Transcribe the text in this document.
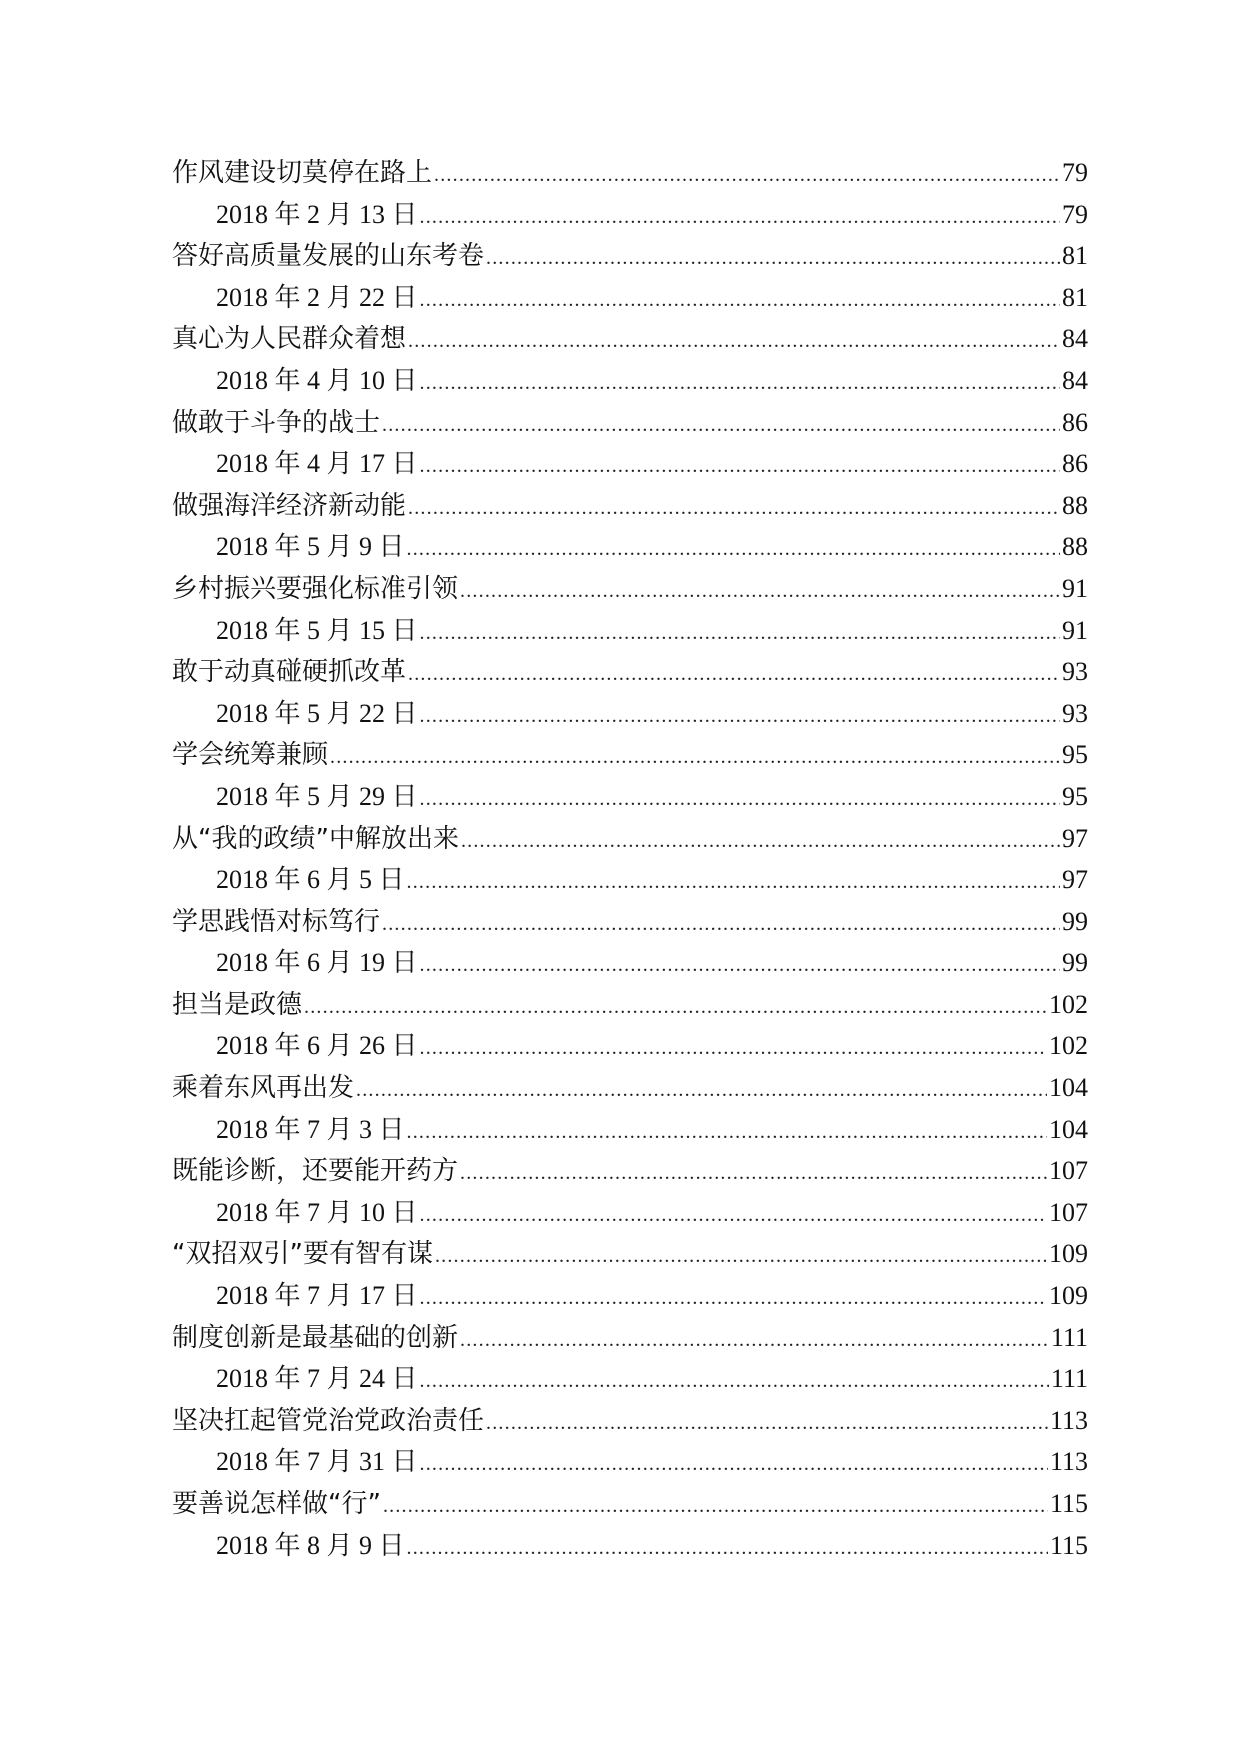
作风建设切莫停在路上 .....	79
2018 年 2 月 13 日 .....	79
答好高质量发展的山东考卷 .....	81
2018 年 2 月 22 日 .....	81
真心为人民群众着想 .....	84
2018 年 4 月 10 日 .....	84
做敢于斗争的战士 .....	86
2018 年 4 月 17 日 .....	86
做强海洋经济新动能 .....	88
2018 年 5 月 9 日 .....	88
乡村振兴要强化标准引领 .....	91
2018 年 5 月 15 日 .....	91
敢于动真碰硬抓改革 .....	93
2018 年 5 月 22 日 .....	93
学会统筹兼顾 .....	95
2018 年 5 月 29 日 .....	95
从“我的政绩”中解放出来 .....	97
2018 年 6 月 5 日 .....	97
学思践悟对标笃行 .....	99
2018 年 6 月 19 日 .....	99
担当是政德 .....	102
2018 年 6 月 26 日 .....	102
乘着东风再出发 .....	104
2018 年 7 月 3 日 .....	104
既能诊断，还要能开药方 .....	107
2018 年 7 月 10 日 .....	107
“双招双引”要有智有谋 .....	109
2018 年 7 月 17 日 .....	109
制度创新是最基础的创新 .....	111
2018 年 7 月 24 日 .....	111
坚决扛起管党治党政治责任 .....	113
2018 年 7 月 31 日 .....	113
要善说怎样做“行” .....	115
2018 年 8 月 9 日 .....	115
